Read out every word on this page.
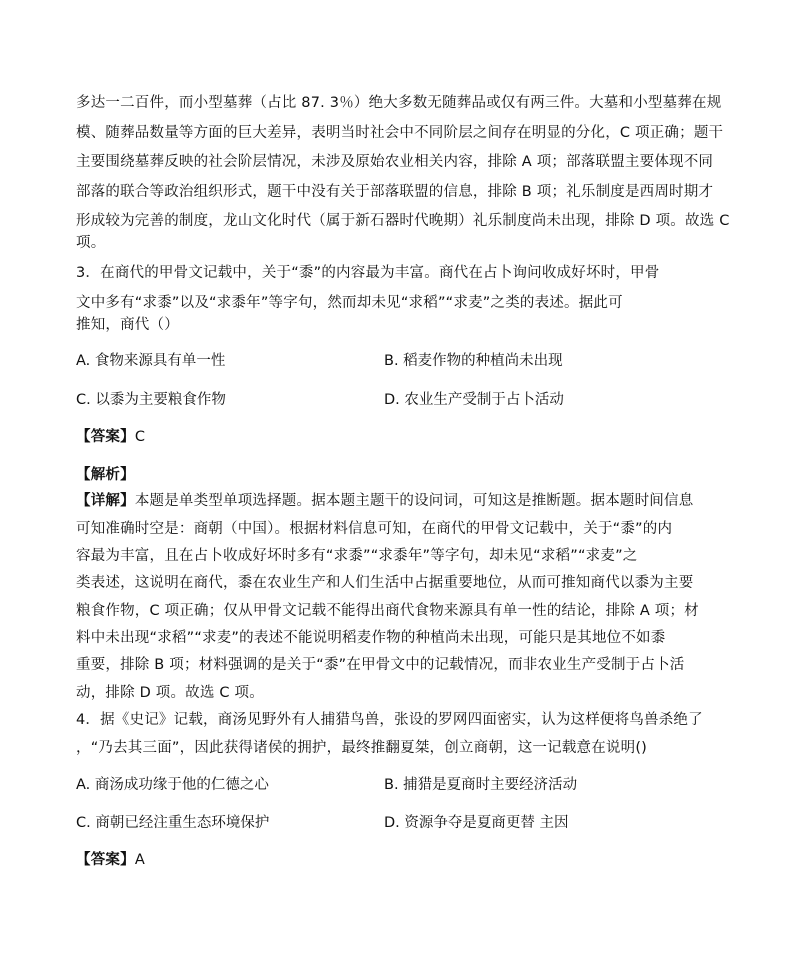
多达一二百件，而小型墓葬（占比 87. 3％）绝大多数无随葬品或仅有两三件。大墓和小型墓葬在规
模、随葬品数量等方面的巨大差异，表明当时社会中不同阶层之间存在明显的分化，C 项正确；题干
主要围绕墓葬反映的社会阶层情况，未涉及原始农业相关内容，排除 A 项；部落联盟主要体现不同
部落的联合等政治组织形式，题干中没有关于部落联盟的信息，排除 B 项；礼乐制度是西周时期才
形成较为完善的制度，龙山文化时代（属于新石器时代晚期）礼乐制度尚未出现，排除 D 项。故选 C
项。
3．在商代的甲骨文记载中，关于“黍”的内容最为丰富。商代在占卜询问收成好坏时，甲骨
文中多有“求黍”以及“求黍年”等字句，然而却未见“求稻”“求麦”之类的表述。据此可
推知，商代（）
A. 食物来源具有单一性	B. 稻麦作物的种植尚未出现
C. 以黍为主要粮食作物	D. 农业生产受制于占卜活动
【答案】C
【解析】
【详解】本题是单类型单项选择题。据本题主题干的设问词，可知这是推断题。据本题时间信息
可知准确时空是：商朝（中国）。根据材料信息可知，在商代的甲骨文记载中，关于“黍”的内
容最为丰富，且在占卜收成好坏时多有“求黍”“求黍年”等字句，却未见“求稻”“求麦”之
类表述，这说明在商代，黍在农业生产和人们生活中占据重要地位，从而可推知商代以黍为主要
粮食作物，C 项正确；仅从甲骨文记载不能得出商代食物来源具有单一性的结论，排除 A 项；材
料中未出现“求稻”“求麦”的表述不能说明稻麦作物的种植尚未出现，可能只是其地位不如黍
重要，排除 B 项；材料强调的是关于“黍”在甲骨文中的记载情况，而非农业生产受制于占卜活
动，排除 D 项。故选 C 项。
4．据《史记》记载，商汤见野外有人捕猎鸟兽，张设的罗网四面密实，认为这样便将鸟兽杀绝了
，“乃去其三面”，因此获得诸侯的拥护，最终推翻夏桀，创立商朝，这一记载意在说明()
A. 商汤成功缘于他的仁德之心	B. 捕猎是夏商时主要经济活动
C. 商朝已经注重生态环境保护	D. 资源争夺是夏商更替 主因
【答案】A
